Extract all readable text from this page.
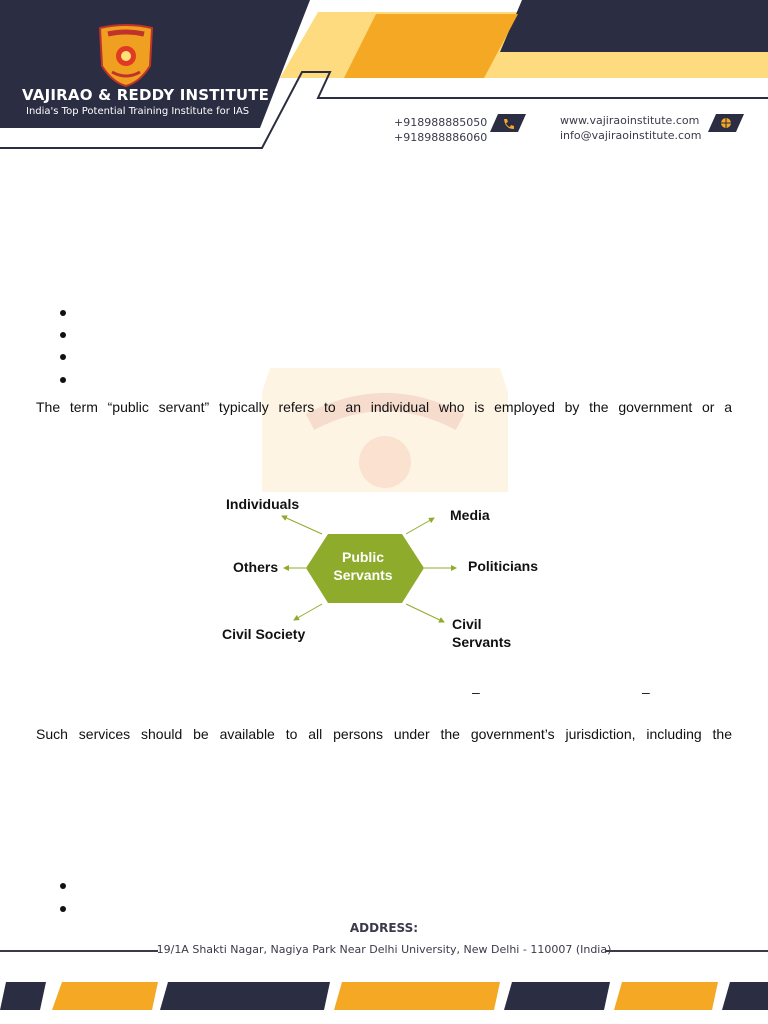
VAJIRAO & REDDY INSTITUTE
India's Top Potential Training Institute for IAS
+918988885050
+918988886060
www.vajiraoinstitute.com
info@vajiraoinstitute.com
The term “public servant” typically refers to an individual who is employed by the government or a
Public Servants
Individuals
Media
Others	Politicians
Civil Society
Civil Servants
–	–
Such services should be available to all persons under the government’s jurisdiction, including the
ADDRESS:
19/1A Shakti Nagar, Nagiya Park Near Delhi University, New Delhi - 110007 (India)
